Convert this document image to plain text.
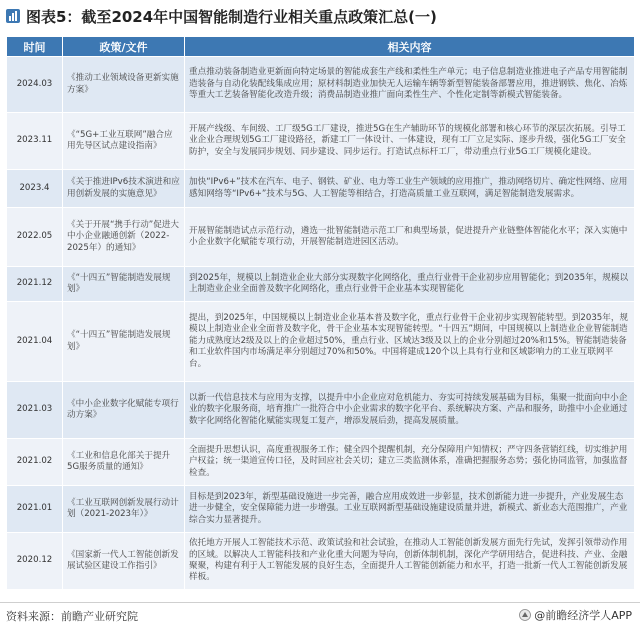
图表5：截至2024年中国智能制造行业相关重点政策汇总(一)
时间	政策/文件	相关内容
2024.03	《推动工业领域设备更新实施方案》	重点推动装备制造业更新面向特定场景的智能成套生产线和柔性生产单元；电子信息制造业推进电子产品专用智能制造装备与自动化装配线集成应用；原材料制造业加快无人运输车辆等新型智能装备部署应用，推进钢铁、焦化、冶炼等重大工艺装备智能化改造升级；消费品制造业推广面向柔性生产、个性化定制等新模式智能装备。
2023.11	《“5G+工业互联网”融合应用先导区试点建设指南》	开展产线级、车间级、工厂级5G工厂建设，推进5G在生产辅助环节的规模化部署和核心环节的深层次拓展。引导工业企业合理规划5G工厂建设路径，新建工厂一体设计、一体建设，现有工厂立足实际、逐步升级，强化5G工厂安全防护，安全与发展同步规划、同步建设、同步运行。打造试点标杆工厂，带动重点行业5G工厂规模化建设。
2023.4	《关于推进IPv6技术演进和应用创新发展的实施意见》	加快“IPv6+”技术在汽车、电子、钢铁、矿业、电力等工业生产领域的应用推广，推动网络切片、确定性网络、应用感知网络等“IPv6+”技术与5G、人工智能等相结合，打造高质量工业互联网，满足智能制造发展需求。
2022.05	《关于开展“携手行动”促进大中小企业融通创新（2022-2025年）的通知》	开展智能制造试点示范行动，遴选一批智能制造示范工厂和典型场景，促进提升产业链整体智能化水平；深入实施中小企业数字化赋能专项行动，开展智能制造进园区活动。
2021.12	《“十四五”智能制造发展规划》	到2025年，规模以上制造业企业大部分实现数字化网络化，重点行业骨干企业初步应用智能化；到2035年，规模以上制造业企业全面普及数字化网络化，重点行业骨干企业基本实现智能化
2021.04	《“十四五”智能制造发展规划》	提出，到2025年，中国规模以上制造业企业基本普及数字化，重点行业骨干企业初步实现智能转型。到2035年，规模以上制造业企业全面普及数字化，骨干企业基本实现智能转型。“十四五”期间，中国规模以上制造业企业智能制造能力成熟度达2级及以上的企业超过50%，重点行业、区域达3级及以上的企业分别超过20%和15%。智能制造装备和工业软件国内市场满足率分别超过70%和50%。中国将建成120个以上具有行业和区域影响力的工业互联网平台。
2021.03	《中小企业数字化赋能专项行动方案》	以新一代信息技术与应用为支撑，以提升中小企业应对危机能力、夯实可持续发展基础为目标，集聚一批面向中小企业的数字化服务商，培育推广一批符合中小企业需求的数字化平台、系统解决方案、产品和服务，助推中小企业通过数字化网络化智能化赋能实现复工复产，增添发展后劲，提高发展质量。
2021.02	《工业和信息化部关于提升5G服务质量的通知》	全面提升思想认识，高度重视服务工作；健全四个提醒机制，充分保障用户知情权；严守四条营销红线，切实维护用户权益；统一渠道宣传口径，及时回应社会关切；建立三类监测体系，准确把握服务态势；强化协同监管，加强监督检查。
2021.01	《工业互联网创新发展行动计划（2021-2023年）》	目标是到2023年，新型基础设施进一步完善，融合应用成效进一步彰显，技术创新能力进一步提升，产业发展生态进一步健全，安全保障能力进一步增强。工业互联网新型基础设施建设质量并进，新模式、新业态大范围推广，产业综合实力显著提升。
2020.12	《国家新一代人工智能创新发展试验区建设工作指引》	依托地方开展人工智能技术示范、政策试验和社会试验，在推动人工智能创新发展方面先行先试，发挥引领带动作用的区域。以解决人工智能科技和产业化重大问题为导向，创新体制机制，深化产学研用结合，促进科技、产业、金融聚聚，构建有利于人工智能发展的良好生态，全面提升人工智能创新能力和水平，打造一批新一代人工智能创新发展样板。
资料来源：前瞻产业研究院	@前瞻经济学人APP
